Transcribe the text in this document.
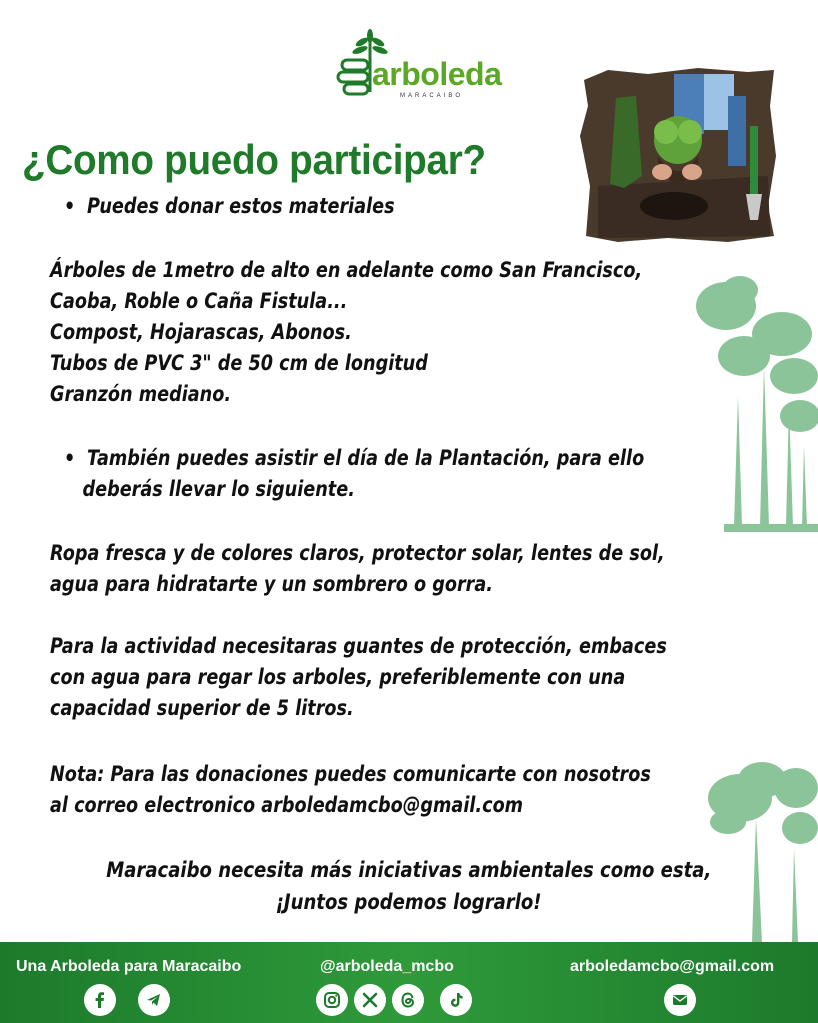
arboleda
MARACAIBO
¿Como puedo participar?
• Puedes donar estos materiales
Árboles de 1metro de alto en adelante como San Francisco,
Caoba, Roble o Caña Fistula...
Compost, Hojarascas, Abonos.
Tubos de PVC 3" de 50 cm de longitud
Granzón mediano.
• También puedes asistir el día de la Plantación, para ello
deberás llevar lo siguiente.
Ropa fresca y de colores claros, protector solar, lentes de sol,
agua para hidratarte y un sombrero o gorra.
Para la actividad necesitaras guantes de protección, embaces
con agua para regar los arboles, preferiblemente con una
capacidad superior de 5 litros.
Nota: Para las donaciones puedes comunicarte con nosotros
al correo electronico arboledamcbo@gmail.com
Maracaibo necesita más iniciativas ambientales como esta,
¡Juntos podemos lograrlo!
Una Arboleda para Maracaibo	@arboleda_mcbo	arboledamcbo@gmail.com
